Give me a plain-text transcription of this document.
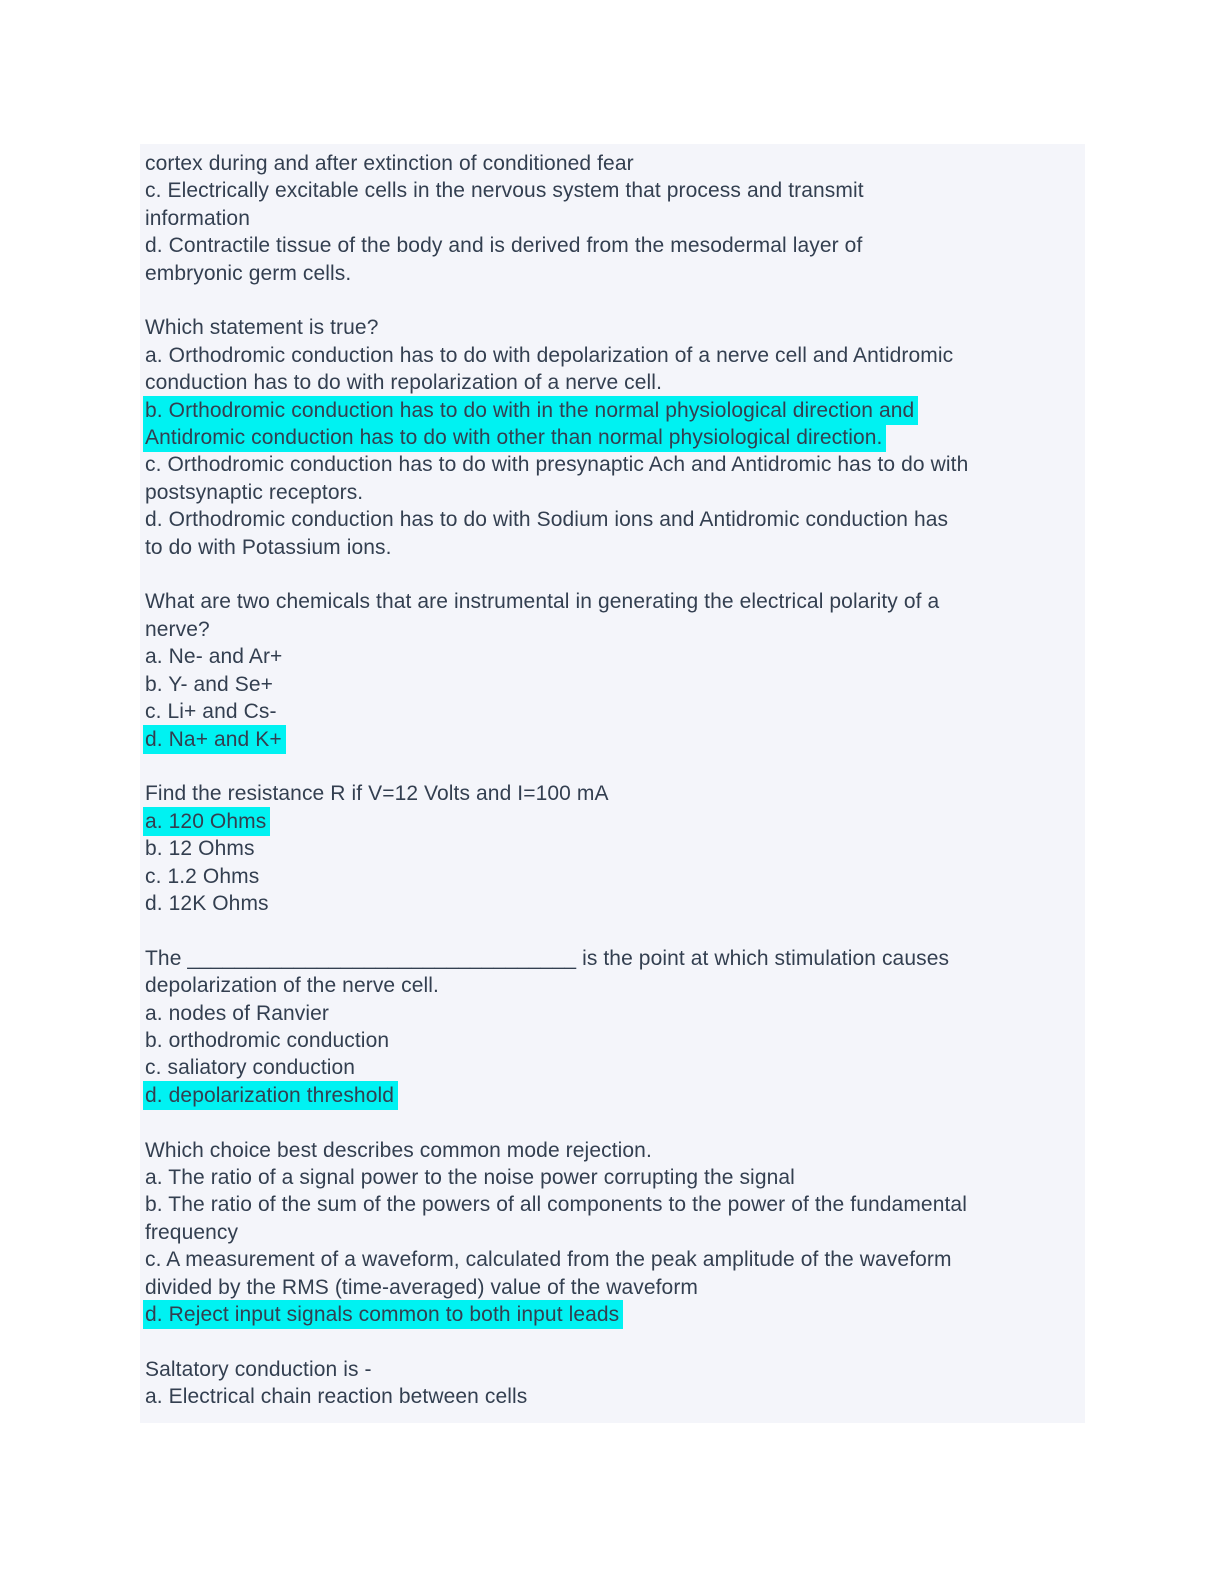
cortex during and after extinction of conditioned fear
c. Electrically excitable cells in the nervous system that process and transmit
information
d. Contractile tissue of the body and is derived from the mesodermal layer of
embryonic germ cells.
Which statement is true?
a. Orthodromic conduction has to do with depolarization of a nerve cell and Antidromic
conduction has to do with repolarization of a nerve cell.
b. Orthodromic conduction has to do with in the normal physiological direction and
Antidromic conduction has to do with other than normal physiological direction.
c. Orthodromic conduction has to do with presynaptic Ach and Antidromic has to do with
postsynaptic receptors.
d. Orthodromic conduction has to do with Sodium ions and Antidromic conduction has
to do with Potassium ions.
What are two chemicals that are instrumental in generating the electrical polarity of a
nerve?
a. Ne- and Ar+
b. Y- and Se+
c. Li+ and Cs-
d. Na+ and K+
Find the resistance R if V=12 Volts and I=100 mA
a. 120 Ohms
b. 12 Ohms
c. 1.2 Ohms
d. 12K Ohms
The _________________________________ is the point at which stimulation causes
depolarization of the nerve cell.
a. nodes of Ranvier
b. orthodromic conduction
c. saliatory conduction
d. depolarization threshold
Which choice best describes common mode rejection.
a. The ratio of a signal power to the noise power corrupting the signal
b. The ratio of the sum of the powers of all components to the power of the fundamental
frequency
c. A measurement of a waveform, calculated from the peak amplitude of the waveform
divided by the RMS (time-averaged) value of the waveform
d. Reject input signals common to both input leads
Saltatory conduction is -
a. Electrical chain reaction between cells
